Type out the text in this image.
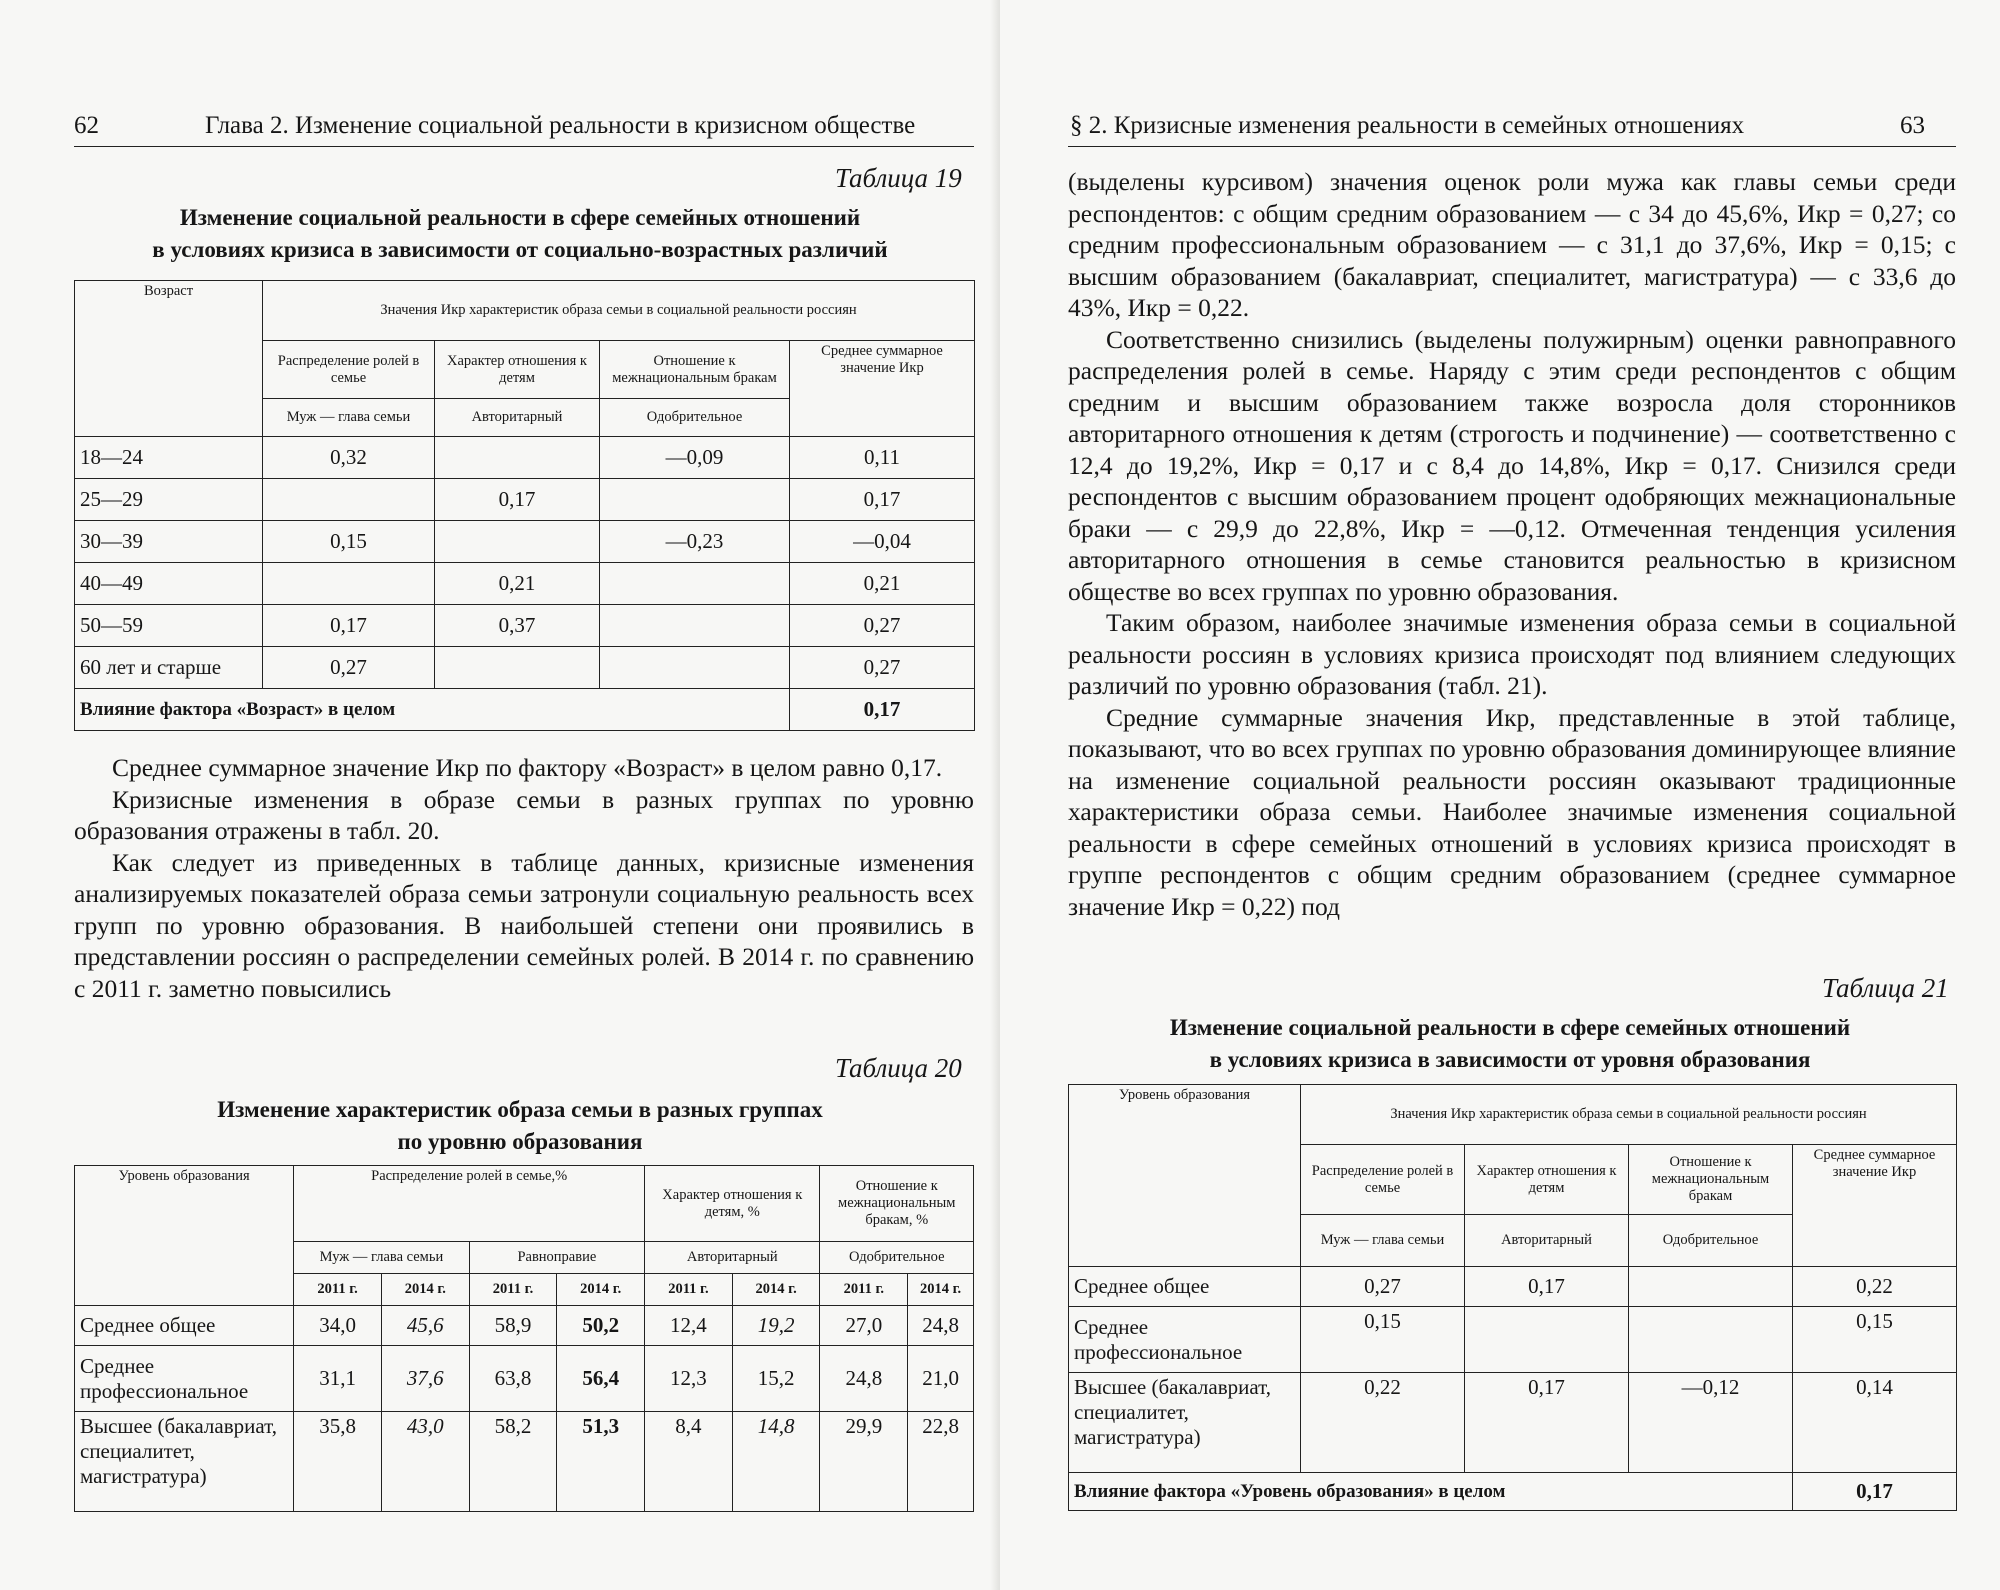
62	Глава 2. Изменение социальной реальности в кризисном обществе
Таблица 19
Изменение социальной реальности в сфере семейных отношений
в условиях кризиса в зависимости от социально-возрастных различий
Возраст	Значения Икр характеристик образа семьи в социальной реальности россиян			
	Распределение ролей в семье	Характер отношения к детям	Отношение к межнациональным бракам	Среднее суммарное значение Икр
	Муж — глава семьи	Авторитарный	Одобрительное	
18—24	0,32		—0,09	0,11
25—29		0,17		0,17
30—39	0,15		—0,23	—0,04
40—49		0,21		0,21
50—59	0,17	0,37		0,27
60 лет и старше	0,27			0,27
Влияние фактора «Возраст» в целом				0,17

Среднее суммарное значение Икр по фактору «Возраст» в целом равно 0,17.

Кризисные изменения в образе семьи в разных группах по уровню образования отражены в табл. 20.

Как следует из приведенных в таблице данных, кризисные изменения анализируемых показателей образа семьи затронули социальную реальность всех групп по уровню образования. В наибольшей степени они проявились в представлении россиян о распределении семейных ролей. В 2014 г. по сравнению с 2011 г. заметно повысились

Таблица 20
Изменение характеристик образа семьи в разных группах
по уровню образования
Уровень образования	Распределение ролей в семье,%				Характер отношения к детям, %		Отношение к межнациональным бракам, %	
	Муж — глава семьи		Равноправие		Авторитарный		Одобрительное	
	2011 г.	2014 г.	2011 г.	2014 г.	2011 г.	2014 г.	2011 г.	2014 г.
Среднее общее	34,0	45,6	58,9	50,2	12,4	19,2	27,0	24,8
Среднее профессиональное	31,1	37,6	63,8	56,4	12,3	15,2	24,8	21,0
Высшее (бакалавриат, специалитет, магистратура)	35,8	43,0	58,2	51,3	8,4	14,8	29,9	22,8
§ 2. Кризисные изменения реальности в семейных отношениях	63

(выделены курсивом) значения оценок роли мужа как главы семьи среди респондентов: с общим средним образованием — с 34 до 45,6%, Икр = 0,27; со средним профессиональным образованием — с 31,1 до 37,6%, Икр = 0,15; с высшим образованием (бакалавриат, специалитет, магистратура) — с 33,6 до 43%, Икр = 0,22.

Соответственно снизились (выделены полужирным) оценки равноправного распределения ролей в семье. Наряду с этим среди респондентов с общим средним и высшим образованием также возросла доля сторонников авторитарного отношения к детям (строгость и подчинение) — соответственно с 12,4 до 19,2%, Икр = 0,17 и с 8,4 до 14,8%, Икр = 0,17. Снизился среди респондентов с высшим образованием процент одобряющих межнациональные браки — с 29,9 до 22,8%, Икр = —0,12. Отмеченная тенденция усиления авторитарного отношения в семье становится реальностью в кризисном обществе во всех группах по уровню образования.

Таким образом, наиболее значимые изменения образа семьи в социальной реальности россиян в условиях кризиса происходят под влиянием следующих различий по уровню образования (табл. 21).

Средние суммарные значения Икр, представленные в этой таблице, показывают, что во всех группах по уровню образования доминирующее влияние на изменение социальной реальности россиян оказывают традиционные характеристики образа семьи. Наиболее значимые изменения социальной реальности в сфере семейных отношений в условиях кризиса происходят в группе респондентов с общим средним образованием (среднее суммарное значение Икр = 0,22) под

Таблица 21
Изменение социальной реальности в сфере семейных отношений
в условиях кризиса в зависимости от уровня образования
Уровень образования	Значения Икр характеристик образа семьи в социальной реальности россиян			
	Распределение ролей в семье	Характер отношения к детям	Отношение к межнациональным бракам	Среднее суммарное значение Икр
	Муж — глава семьи	Авторитарный	Одобрительное	
Среднее общее	0,27	0,17		0,22
Среднее профессиональное	0,15			0,15
Высшее (бакалавриат, специалитет, магистратура)	0,22	0,17	—0,12	0,14
Влияние фактора «Уровень образования» в целом				0,17
